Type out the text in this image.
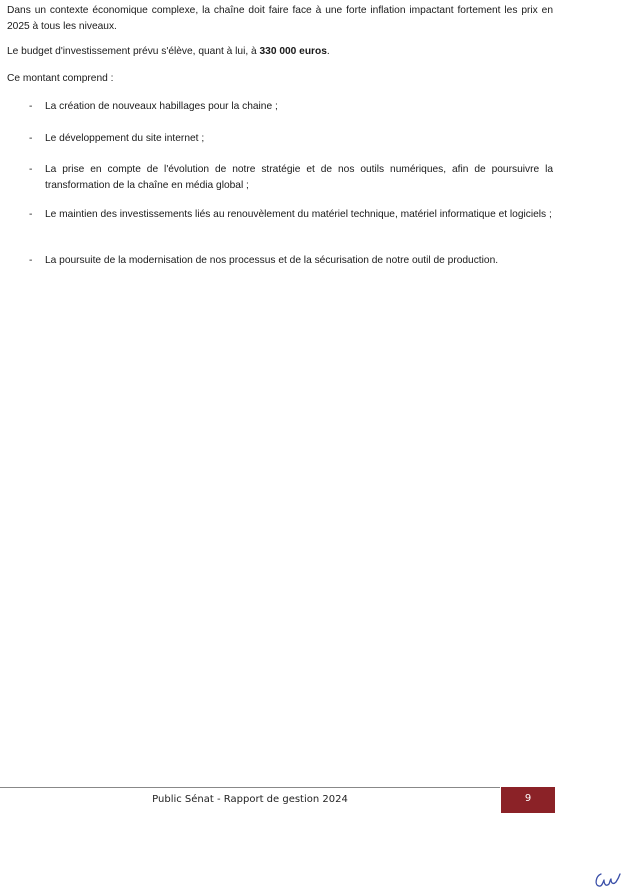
Dans un contexte économique complexe, la chaîne doit faire face à une forte inflation impactant fortement les prix en 2025 à tous les niveaux.

Le budget d'investissement prévu s'élève, quant à lui, à 330 000 euros.

Ce montant comprend :

- La création de nouveaux habillages pour la chaine ;
- Le développement du site internet ;
- La prise en compte de l'évolution de notre stratégie et de nos outils numériques, afin de poursuivre la transformation de la chaîne en média global ;
- Le maintien des investissements liés au renouvèlement du matériel technique, matériel informatique et logiciels ;
- La poursuite de la modernisation de nos processus et de la sécurisation de notre outil de production.
Public Sénat - Rapport de gestion 2024	9
